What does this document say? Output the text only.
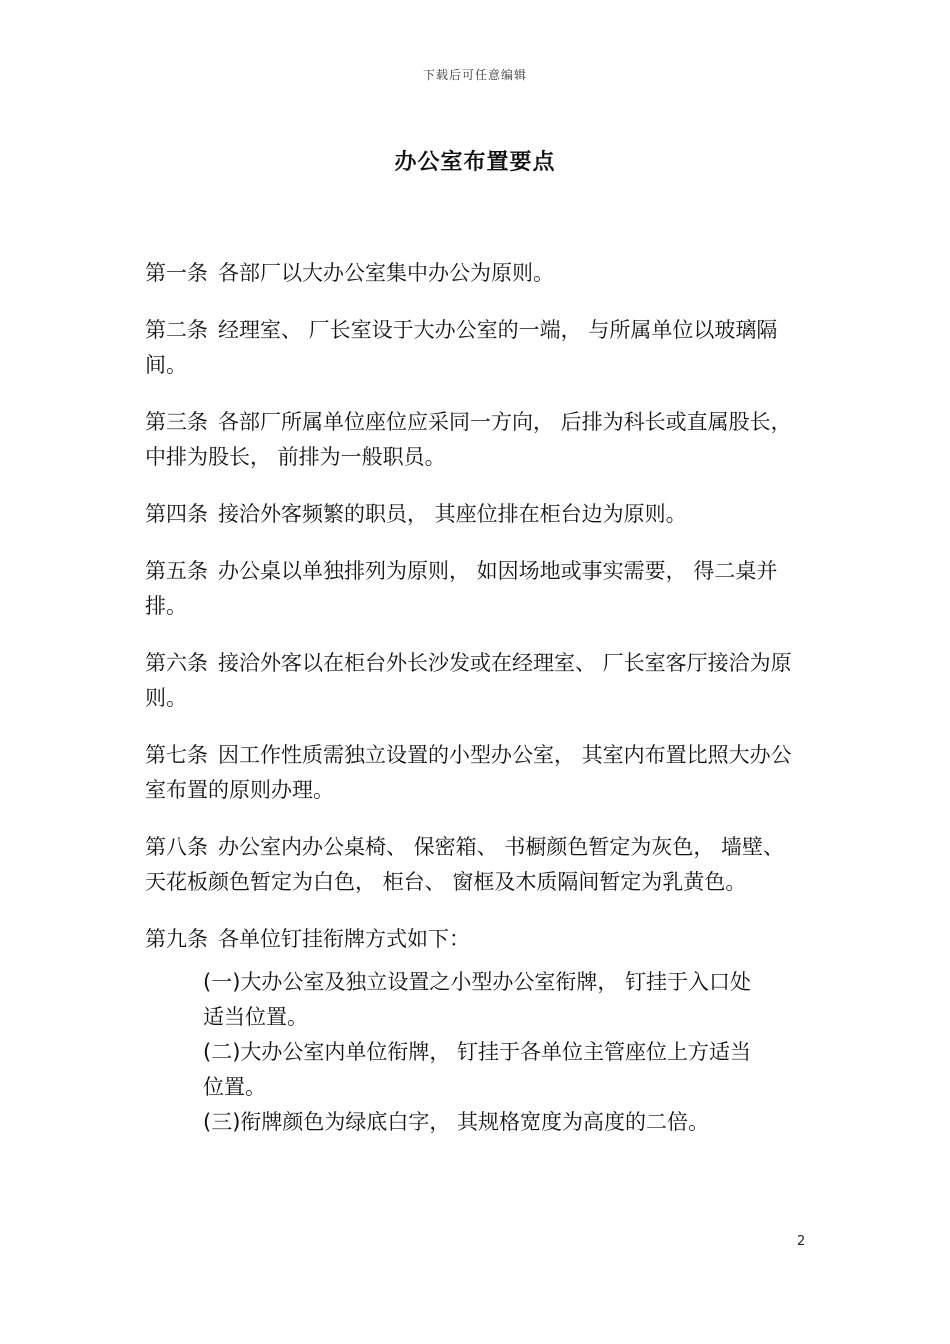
下载后可任意编辑
办公室布置要点

第一条 各部厂以大办公室集中办公为原则。

第二条 经理室、 厂长室设于大办公室的一端， 与所属单位以玻璃隔间。

第三条 各部厂所属单位座位应采同一方向， 后排为科长或直属股长， 中排为股长， 前排为一般职员。

第四条 接洽外客频繁的职员， 其座位排在柜台边为原则。

第五条 办公桌以单独排列为原则， 如因场地或事实需要， 得二桌并排。

第六条 接洽外客以在柜台外长沙发或在经理室、 厂长室客厅接洽为原则。

第七条 因工作性质需独立设置的小型办公室， 其室内布置比照大办公室布置的原则办理。

第八条 办公室内办公桌椅、 保密箱、 书橱颜色暂定为灰色， 墙壁、 天花板颜色暂定为白色， 柜台、 窗框及木质隔间暂定为乳黄色。

第九条 各单位钉挂衔牌方式如下：

(一)大办公室及独立设置之小型办公室衔牌， 钉挂于入口处适当位置。

(二)大办公室内单位衔牌， 钉挂于各单位主管座位上方适当位置。

(三)衔牌颜色为绿底白字， 其规格宽度为高度的二倍。

2
